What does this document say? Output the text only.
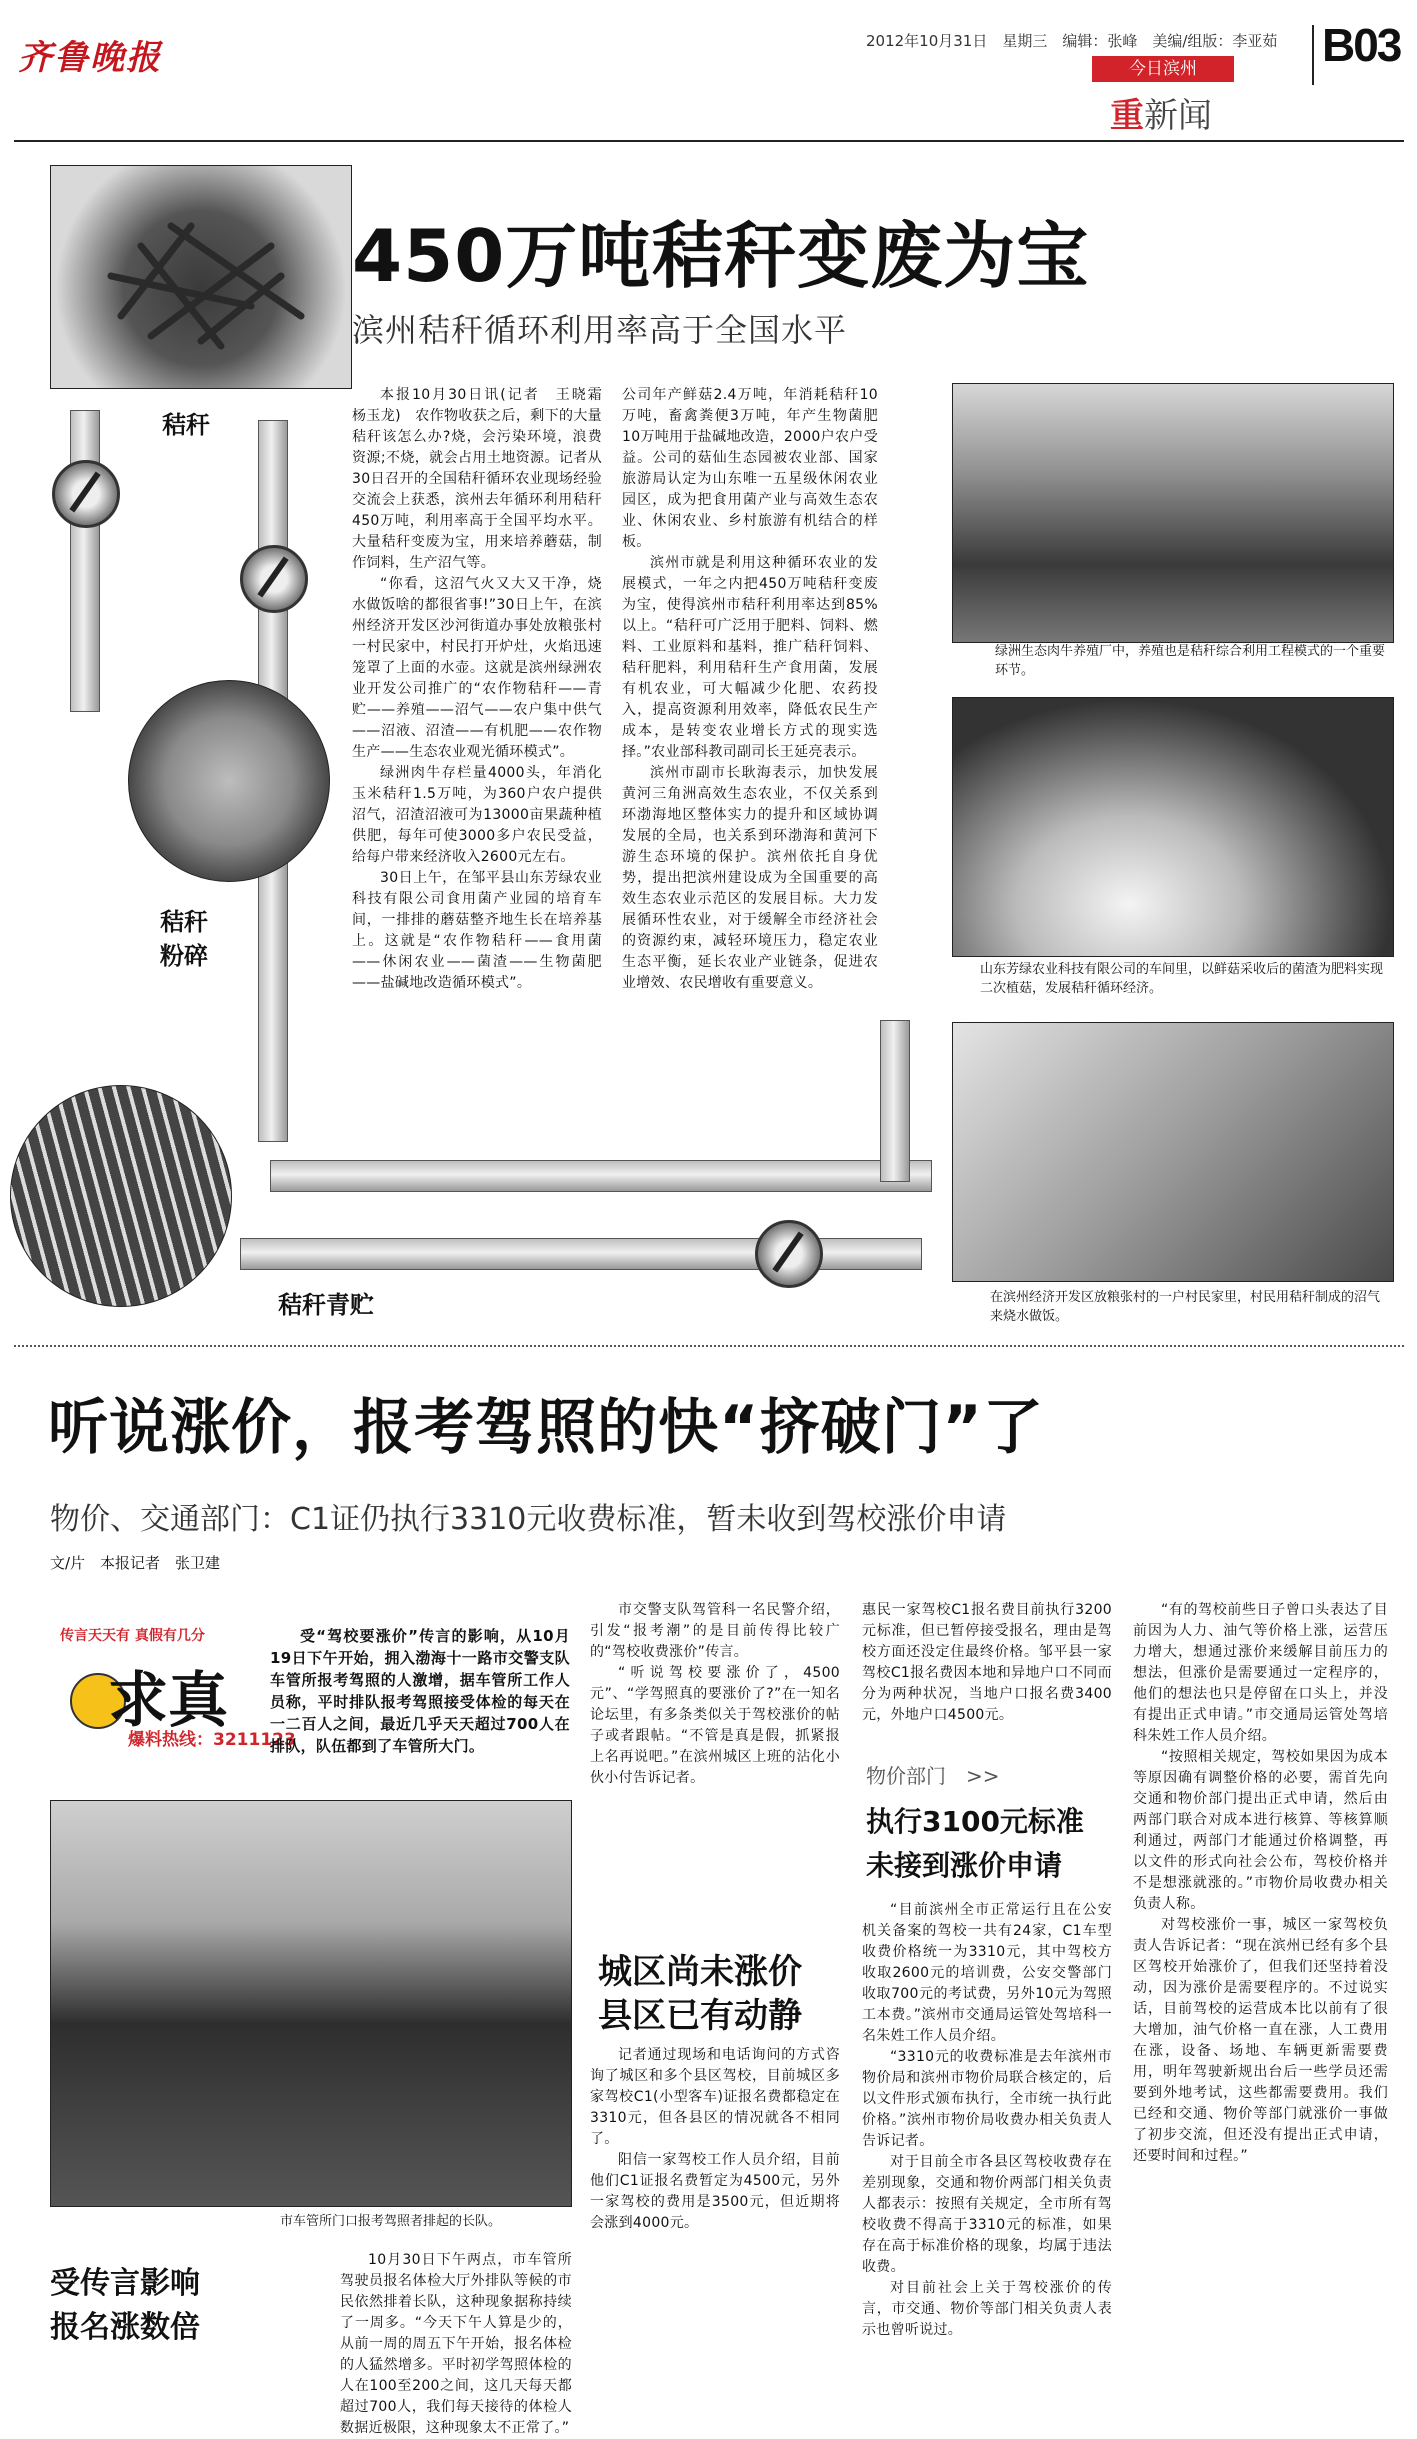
齐鲁晚报	2012年10月31日　星期三　编辑：张峰　美编/组版：李亚茹 B03
今日滨州
重新闻
450万吨秸秆变废为宝
滨州秸秆循环利用率高于全国水平
秸秆
秸秆
粉碎
秸秆青贮

本报10月30日讯(记者　王晓霜　杨玉龙)　农作物收获之后，剩下的大量秸秆该怎么办?烧，会污染环境，浪费资源;不烧，就会占用土地资源。记者从30日召开的全国秸秆循环农业现场经验交流会上获悉，滨州去年循环利用秸秆450万吨，利用率高于全国平均水平。大量秸秆变废为宝，用来培养蘑菇，制作饲料，生产沼气等。

“你看，这沼气火又大又干净，烧水做饭啥的都很省事!”30日上午，在滨州经济开发区沙河街道办事处放粮张村一村民家中，村民打开炉灶，火焰迅速笼罩了上面的水壶。这就是滨州绿洲农业开发公司推广的“农作物秸秆——青贮——养殖——沼气——农户集中供气——沼液、沼渣——有机肥——农作物生产——生态农业观光循环模式”。

绿洲肉牛存栏量4000头，年消化玉米秸秆1.5万吨，为360户农户提供沼气，沼渣沼液可为13000亩果蔬种植供肥，每年可使3000多户农民受益，给每户带来经济收入2600元左右。

30日上午，在邹平县山东芳绿农业科技有限公司食用菌产业园的培育车间，一排排的蘑菇整齐地生长在培养基上。这就是“农作物秸秆——食用菌——休闲农业——菌渣——生物菌肥——盐碱地改造循环模式”。

公司年产鲜菇2.4万吨，年消耗秸秆10万吨，畜禽粪便3万吨，年产生物菌肥10万吨用于盐碱地改造，2000户农户受益。公司的菇仙生态园被农业部、国家旅游局认定为山东唯一五星级休闲农业园区，成为把食用菌产业与高效生态农业、休闲农业、乡村旅游有机结合的样板。

滨州市就是利用这种循环农业的发展模式，一年之内把450万吨秸秆变废为宝，使得滨州市秸秆利用率达到85%以上。“秸秆可广泛用于肥料、饲料、燃料、工业原料和基料，推广秸秆饲料、秸秆肥料，利用秸秆生产食用菌，发展有机农业，可大幅减少化肥、农药投入，提高资源利用效率，降低农民生产成本，是转变农业增长方式的现实选择。”农业部科教司副司长王延亮表示。

滨州市副市长耿海表示，加快发展黄河三角洲高效生态农业，不仅关系到环渤海地区整体实力的提升和区域协调发展的全局，也关系到环渤海和黄河下游生态环境的保护。滨州依托自身优势，提出把滨州建设成为全国重要的高效生态农业示范区的发展目标。大力发展循环性农业，对于缓解全市经济社会的资源约束，减轻环境压力，稳定农业生态平衡，延长农业产业链条，促进农业增效、农民增收有重要意义。

绿洲生态肉牛养殖厂中，养殖也是秸秆综合利用工程模式的一个重要环节。
山东芳绿农业科技有限公司的车间里，以鲜菇采收后的菌渣为肥料实现二次植菇，发展秸秆循环经济。
在滨州经济开发区放粮张村的一户村民家里，村民用秸秆制成的沼气来烧水做饭。
听说涨价，报考驾照的快“挤破门”了
物价、交通部门：C1证仍执行3310元收费标准，暂未收到驾校涨价申请
文/片　本报记者　张卫建
传言天天有 真假有几分
求真
爆料热线：3211123

受“驾校要涨价”传言的影响，从10月19日下午开始，拥入渤海十一路市交警支队车管所报考驾照的人激增，据车管所工作人员称，平时排队报考驾照接受体检的每天在一二百人之间，最近几乎天天超过700人在排队，队伍都到了车管所大门。

市车管所门口报考驾照者排起的长队。
受传言影响
报名涨数倍

10月30日下午两点，市车管所驾驶员报名体检大厅外排队等候的市民依然排着长队，这种现象据称持续了一周多。“今天下午人算是少的，从前一周的周五下午开始，报名体检的人猛然增多。平时初学驾照体检的人在100至200之间，这几天每天都超过700人，我们每天接待的体检人数据近极限，这种现象太不正常了。”

市交警支队驾管科一名民警介绍，引发“报考潮”的是目前传得比较广的“驾校收费涨价”传言。

“听说驾校要涨价了，4500元”、“学驾照真的要涨价了?”在一知名论坛里，有多条类似关于驾校涨价的帖子或者跟帖。“不管是真是假，抓紧报上名再说吧。”在滨州城区上班的沾化小伙小付告诉记者。

城区尚未涨价
县区已有动静

记者通过现场和电话询问的方式咨询了城区和多个县区驾校，目前城区多家驾校C1(小型客车)证报名费都稳定在3310元，但各县区的情况就各不相同了。

阳信一家驾校工作人员介绍，目前他们C1证报名费暂定为4500元，另外一家驾校的费用是3500元，但近期将会涨到4000元。

惠民一家驾校C1报名费目前执行3200元标准，但已暂停接受报名，理由是驾校方面还没定住最终价格。邹平县一家驾校C1报名费因本地和异地户口不同而分为两种状况，当地户口报名费3400元，外地户口4500元。

物价部门　>>
执行3100元标准
未接到涨价申请

“目前滨州全市正常运行且在公安机关备案的驾校一共有24家，C1车型收费价格统一为3310元，其中驾校方收取2600元的培训费，公安交警部门收取700元的考试费，另外10元为驾照工本费。”滨州市交通局运管处驾培科一名朱姓工作人员介绍。

“3310元的收费标准是去年滨州市物价局和滨州市物价局联合核定的，后以文件形式颁布执行，全市统一执行此价格。”滨州市物价局收费办相关负责人告诉记者。

对于目前全市各县区驾校收费存在差别现象，交通和物价两部门相关负责人都表示：按照有关规定，全市所有驾校收费不得高于3310元的标准，如果存在高于标准价格的现象，均属于违法收费。

对目前社会上关于驾校涨价的传言，市交通、物价等部门相关负责人表示也曾听说过。

“有的驾校前些日子曾口头表达了目前因为人力、油气等价格上涨，运营压力增大，想通过涨价来缓解目前压力的想法，但涨价是需要通过一定程序的，他们的想法也只是停留在口头上，并没有提出正式申请。”市交通局运管处驾培科朱姓工作人员介绍。

“按照相关规定，驾校如果因为成本等原因确有调整价格的必要，需首先向交通和物价部门提出正式申请，然后由两部门联合对成本进行核算、等核算顺利通过，两部门才能通过价格调整，再以文件的形式向社会公布，驾校价格并不是想涨就涨的。”市物价局收费办相关负责人称。

对驾校涨价一事，城区一家驾校负责人告诉记者：“现在滨州已经有多个县区驾校开始涨价了，但我们还坚持着没动，因为涨价是需要程序的。不过说实话，目前驾校的运营成本比以前有了很大增加，油气价格一直在涨，人工费用在涨，设备、场地、车辆更新需要费用，明年驾驶新规出台后一些学员还需要到外地考试，这些都需要费用。我们已经和交通、物价等部门就涨价一事做了初步交流，但还没有提出正式申请，还要时间和过程。”
